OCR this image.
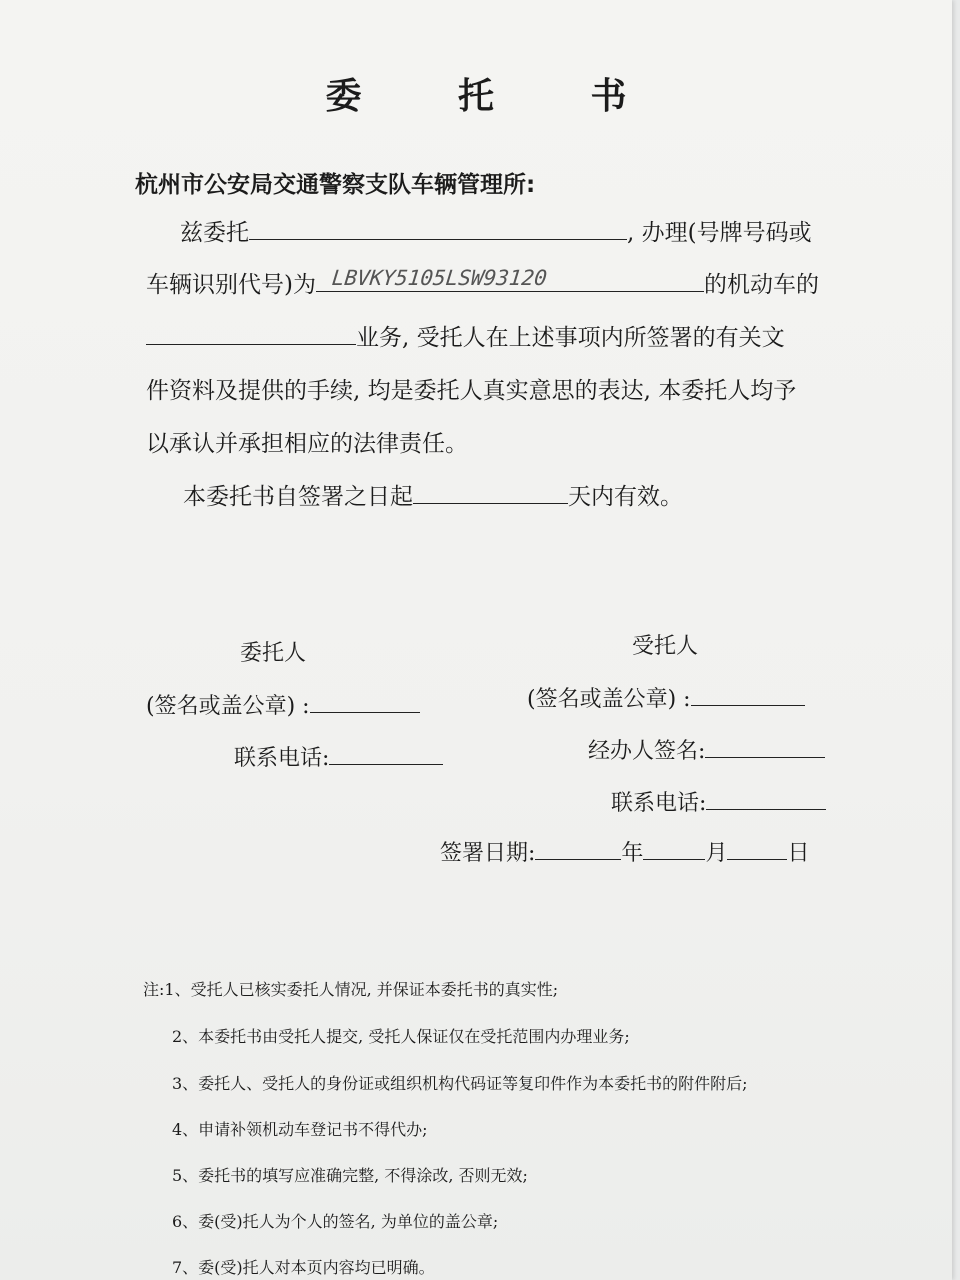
委 托 书
杭州市公安局交通警察支队车辆管理所:
兹委托	, 办理(号牌号码或
车辆识别代号)为 LBVKY5105LSW93120	的机动车的
业务, 受托人在上述事项内所签署的有关文
件资料及提供的手续, 均是委托人真实意思的表达, 本委托人均予
以承认并承担相应的法律责任。
本委托书自签署之日起	天内有效。
委托人
(签名或盖公章) :
联系电话:
受托人
(签名或盖公章) :
经办人签名:
联系电话:
签署日期:	年	月	日
注:1、受托人已核实委托人情况, 并保证本委托书的真实性;
2、本委托书由受托人提交, 受托人保证仅在受托范围内办理业务;
3、委托人、受托人的身份证或组织机构代码证等复印件作为本委托书的附件附后;
4、申请补领机动车登记书不得代办;
5、委托书的填写应准确完整, 不得涂改, 否则无效;
6、委(受)托人为个人的签名, 为单位的盖公章;
7、委(受)托人对本页内容均已明确。
